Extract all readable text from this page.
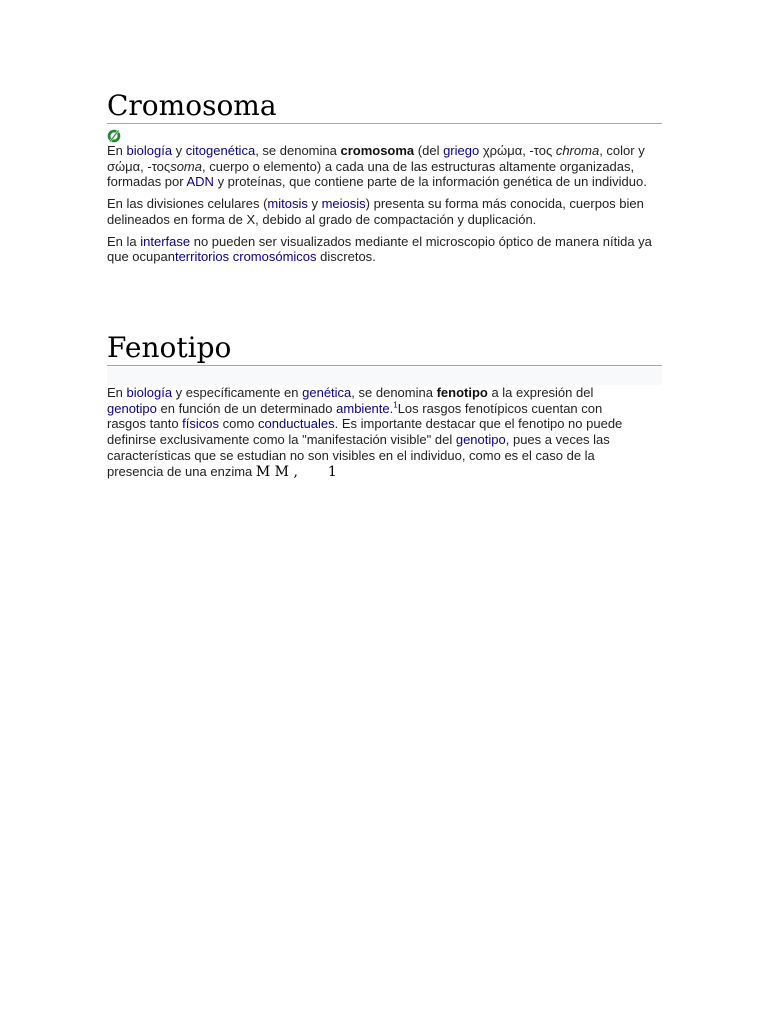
Cromosoma

En biología y citogenética, se denomina cromosoma (del griego χρώμα, -τος chroma, color y σώμα, -τοςsoma, cuerpo o elemento) a cada una de las estructuras altamente organizadas, formadas por ADN y proteínas, que contiene parte de la información genética de un individuo.

En las divisiones celulares (mitosis y meiosis) presenta su forma más conocida, cuerpos bien delineados en forma de X, debido al grado de compactación y duplicación.

En la interfase no pueden ser visualizados mediante el microscopio óptico de manera nítida ya que ocupanterritorios cromosómicos discretos.

Fenotipo

En biología y específicamente en genética, se denomina fenotipo a la expresión del genotipo en función de un determinado ambiente.$^1$Los rasgos fenotípicos cuentan con rasgos tanto físicos como conductuales. Es importante destacar que el fenotipo no puede definirse exclusivamente como la "manifestación visible" del genotipo, pues a veces las características que se estudian no son visibles en el individuo, como es el caso de la presencia de una enzima M M , 1
